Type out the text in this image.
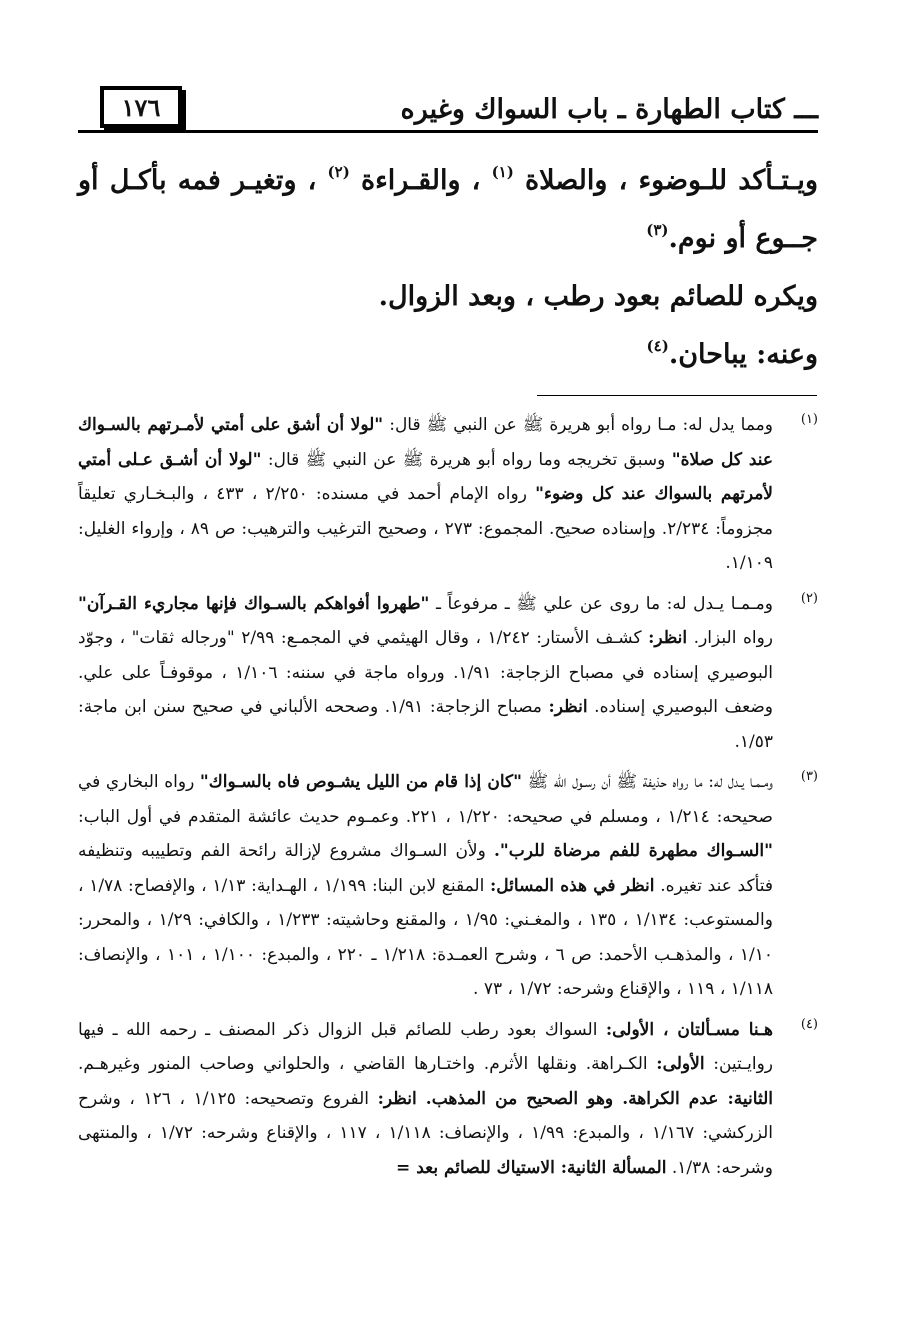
١٧٦	ـــ كتاب الطهارة ـ باب السواك وغيره

ويـتـأكد للـوضوء ، والصلاة $^{(١)}$ ، والقـراءة $^{(٢)}$ ، وتغيـر فمه بأكـل أو جــوع أو نوم.$^{(٣)}$

ويكره للصائم بعود رطب ، وبعد الزوال.

وعنه: يباحان.$^{(٤)}$

(١)

ومما يدل له: مـا رواه أبو هريرة ﷺ عن النبي ﷺ قال: "لولا أن أشق على أمتي لأمـرتهم بالسـواك عند كل صلاة" وسبق تخريجه وما رواه أبو هريرة ﷺ عن النبي ﷺ قال: "لولا أن أشـق عـلى أمتي لأمرتهم بالسواك عند كل وضوء" رواه الإمام أحمد في مسنده: ٢/٢٥٠ ، ٤٣٣ ، والبـخـاري تعليقاً مجزوماً: ٢/٢٣٤. وإسناده صحيح. المجموع: ٢٧٣ ، وصحيح الترغيب والترهيب: ص ٨٩ ، وإرواء الغليل: ١/١٠٩.

(٢)

ومـمـا يـدل له: ما روى عن علي ﷺ ـ مرفوعاً ـ "طهروا أفواهكم بالسـواك فإنها مجاريء القـرآن" رواه البزار. انظر: كشـف الأستار: ١/٢٤٢ ، وقال الهيثمي في المجمـع: ٢/٩٩ "ورجاله ثقات" ، وجوّد البوصيري إسناده في مصباح الزجاجة: ١/٩١. ورواه ماجة في سننه: ١/١٠٦ ، موقوفـاً على علي. وضعف البوصيري إسناده. انظر: مصباح الزجاجة: ١/٩١. وصححه الألباني في صحيح سنن ابن ماجة: ١/٥٣.

(٣)

ومـمـا يـدل له: ما رواه حذيفة ﷺ أن رسـول الله ﷺ "كان إذا قام من الليل يشـوص فاه بالسـواك" رواه البخاري في صحيحه: ١/٢١٤ ، ومسلم في صحيحه: ١/٢٢٠ ، ٢٢١. وعمـوم حديث عائشة المتقدم في أول الباب: "السـواك مطهرة للفم مرضاة للرب". ولأن السـواك مشروع لإزالة رائحة الفم وتطييبه وتنظيفه فتأكد عند تغيره. انظر في هذه المسائل: المقنع لابن البنا: ١/١٩٩ ، الهـداية: ١/١٣ ، والإفصاح: ١/٧٨ ، والمستوعب: ١/١٣٤ ، ١٣٥ ، والمغـني: ١/٩٥ ، والمقنع وحاشيته: ١/٢٣٣ ، والكافي: ١/٢٩ ، والمحرر: ١/١٠ ، والمذهـب الأحمد: ص ٦ ، وشرح العمـدة: ١/٢١٨ ـ ٢٢٠ ، والمبدع: ١/١٠٠ ، ١٠١ ، والإنصاف: ١/١١٨ ، ١١٩ ، والإقناع وشرحه: ١/٧٢ ، ٧٣ .

(٤)

هـنا مسـألتان ، الأولى: السواك بعود رطب للصائم قبل الزوال ذكر المصنف ـ رحمه الله ـ فيها روايـتين: الأولى: الكـراهة. ونقلها الأثرم. واختـارها القاضي ، والحلواني وصاحب المنور وغيرهـم. الثانية: عدم الكراهة. وهو الصحيح من المذهب. انظر: الفروع وتصحيحه: ١/١٢٥ ، ١٢٦ ، وشرح الزركشي: ١/١٦٧ ، والمبدع: ١/٩٩ ، والإنصاف: ١/١١٨ ، ١١٧ ، والإقناع وشرحه: ١/٧٢ ، والمنتهى وشرحه: ١/٣٨. المسألة الثانية: الاستياك للصائم بعد =
